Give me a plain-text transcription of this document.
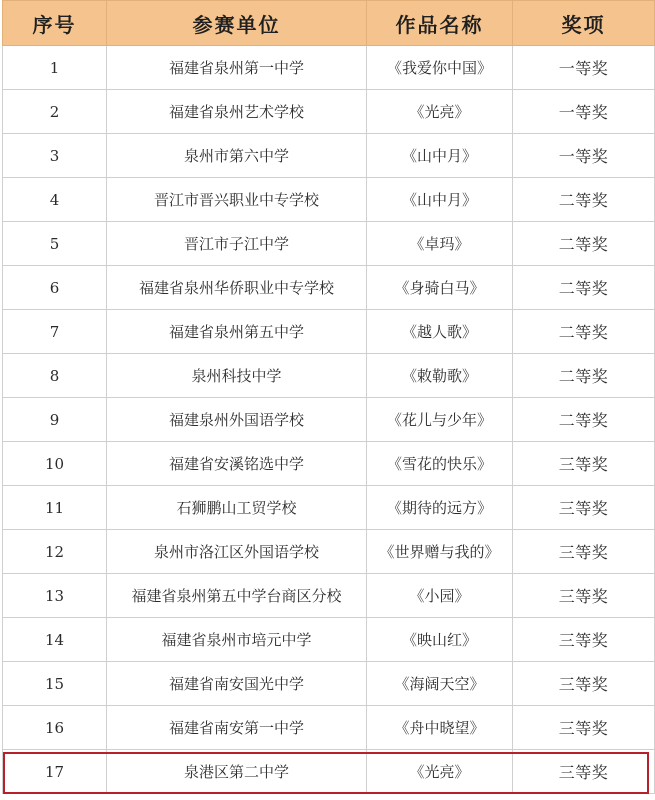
序号	参赛单位	作品名称	奖项
1	福建省泉州第一中学	《我爱你中国》	一等奖
2	福建省泉州艺术学校	《光亮》	一等奖
3	泉州市第六中学	《山中月》	一等奖
4	晋江市晋兴职业中专学校	《山中月》	二等奖
5	晋江市子江中学	《卓玛》	二等奖
6	福建省泉州华侨职业中专学校	《身骑白马》	二等奖
7	福建省泉州第五中学	《越人歌》	二等奖
8	泉州科技中学	《敕勒歌》	二等奖
9	福建泉州外国语学校	《花儿与少年》	二等奖
10	福建省安溪铭选中学	《雪花的快乐》	三等奖
11	石狮鹏山工贸学校	《期待的远方》	三等奖
12	泉州市洛江区外国语学校	《世界赠与我的》	三等奖
13	福建省泉州第五中学台商区分校	《小园》	三等奖
14	福建省泉州市培元中学	《映山红》	三等奖
15	福建省南安国光中学	《海阔天空》	三等奖
16	福建省南安第一中学	《舟中晓望》	三等奖
17	泉港区第二中学	《光亮》	三等奖
